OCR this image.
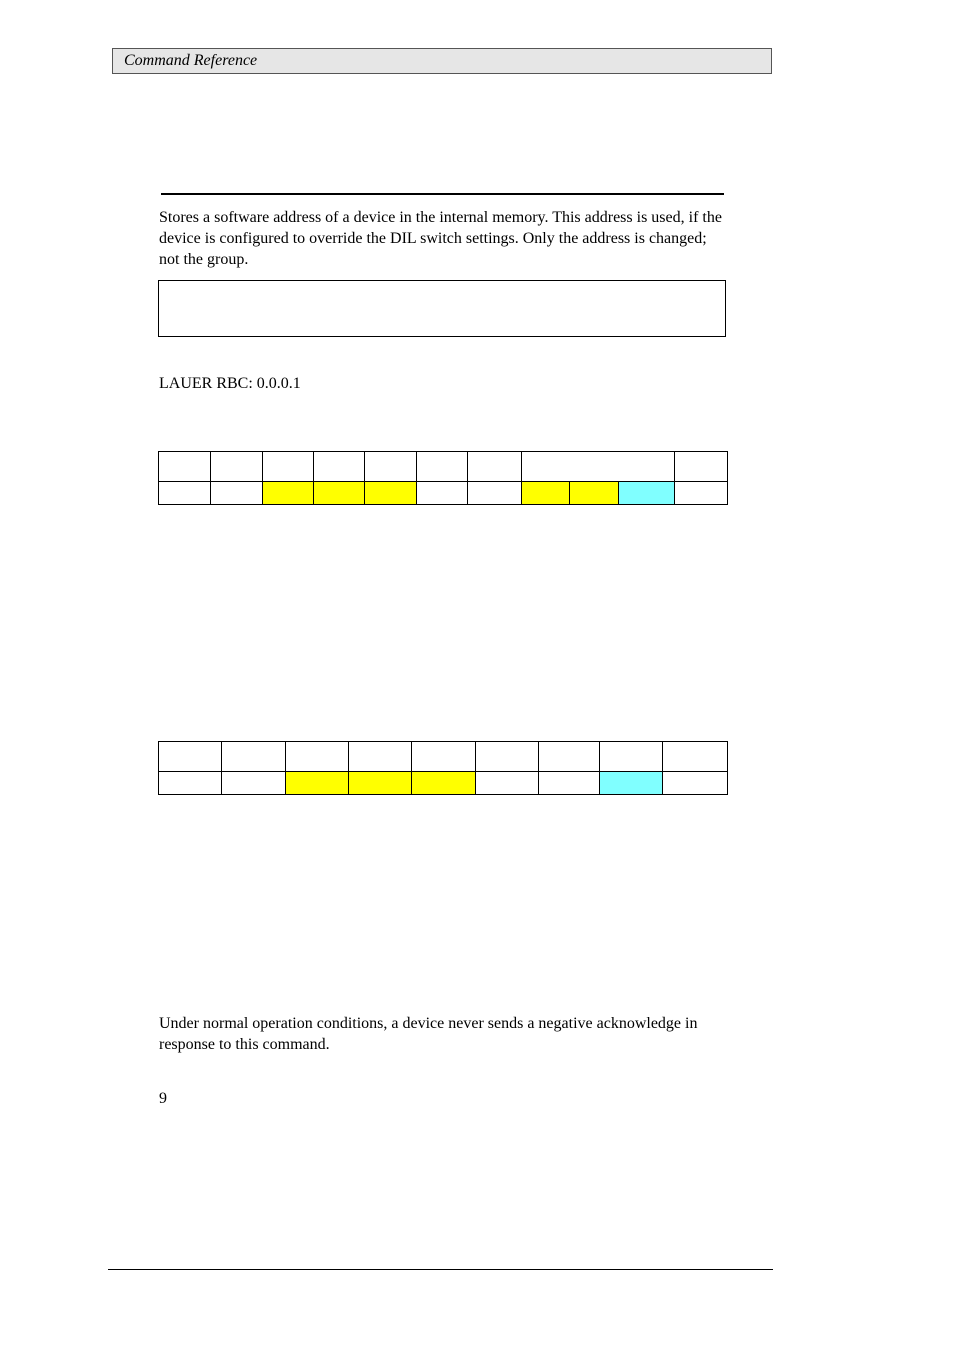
Command Reference
Stores a software address of a device in the internal memory. This address is used, if the device is configured to override the DIL switch settings. Only the address is changed; not the group.
LAUER RBC: 0.0.0.1

Under normal operation conditions, a device never sends a negative acknowledge in response to this command.
9
